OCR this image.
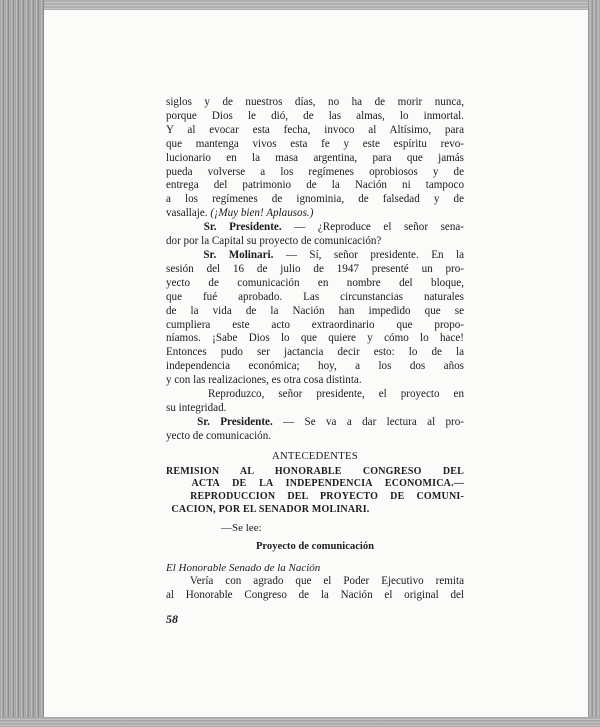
siglos y de nuestros días, no ha de morir nunca,
porque Dios le dió, de las almas, lo inmortal.
Y al evocar esta fecha, invoco al Altísimo, para
que mantenga vivos esta fe y este espíritu revo-
lucionario en la masa argentina, para que jamás
pueda volverse a los regímenes oprobiosos y de
entrega del patrimonio de la Nación ni tampoco
a los regímenes de ignominia, de falsedad y de
vasallaje. (¡Muy bien! Aplausos.)
Sr. Presidente. — ¿Reproduce el señor sena-
dor por la Capital su proyecto de comunicación?
Sr. Molinari. — Sí, señor presidente. En la
sesión del 16 de julio de 1947 presenté un pro-
yecto de comunicación en nombre del bloque,
que fué aprobado. Las circunstancias naturales
de la vida de la Nación han impedido que se
cumpliera este acto extraordinario que propo-
níamos. ¡Sabe Dios lo que quiere y cómo lo hace!
Entonces pudo ser jactancia decir esto: lo de la
independencia económica; hoy, a los dos años
y con las realizaciones, es otra cosa distinta.
Reproduzco, señor presidente, el proyecto en
su integridad.
Sr. Presidente. — Se va a dar lectura al pro-
yecto de comunicación.
ANTECEDENTES
REMISION AL HONORABLE CONGRESO DEL
ACTA DE LA INDEPENDENCIA ECONOMICA.—
REPRODUCCION DEL PROYECTO DE COMUNI-
CACION, POR EL SENADOR MOLINARI.
—Se lee:
Proyecto de comunicación
El Honorable Senado de la Nación
Vería con agrado que el Poder Ejecutivo remita
al Honorable Congreso de la Nación el original del
58
